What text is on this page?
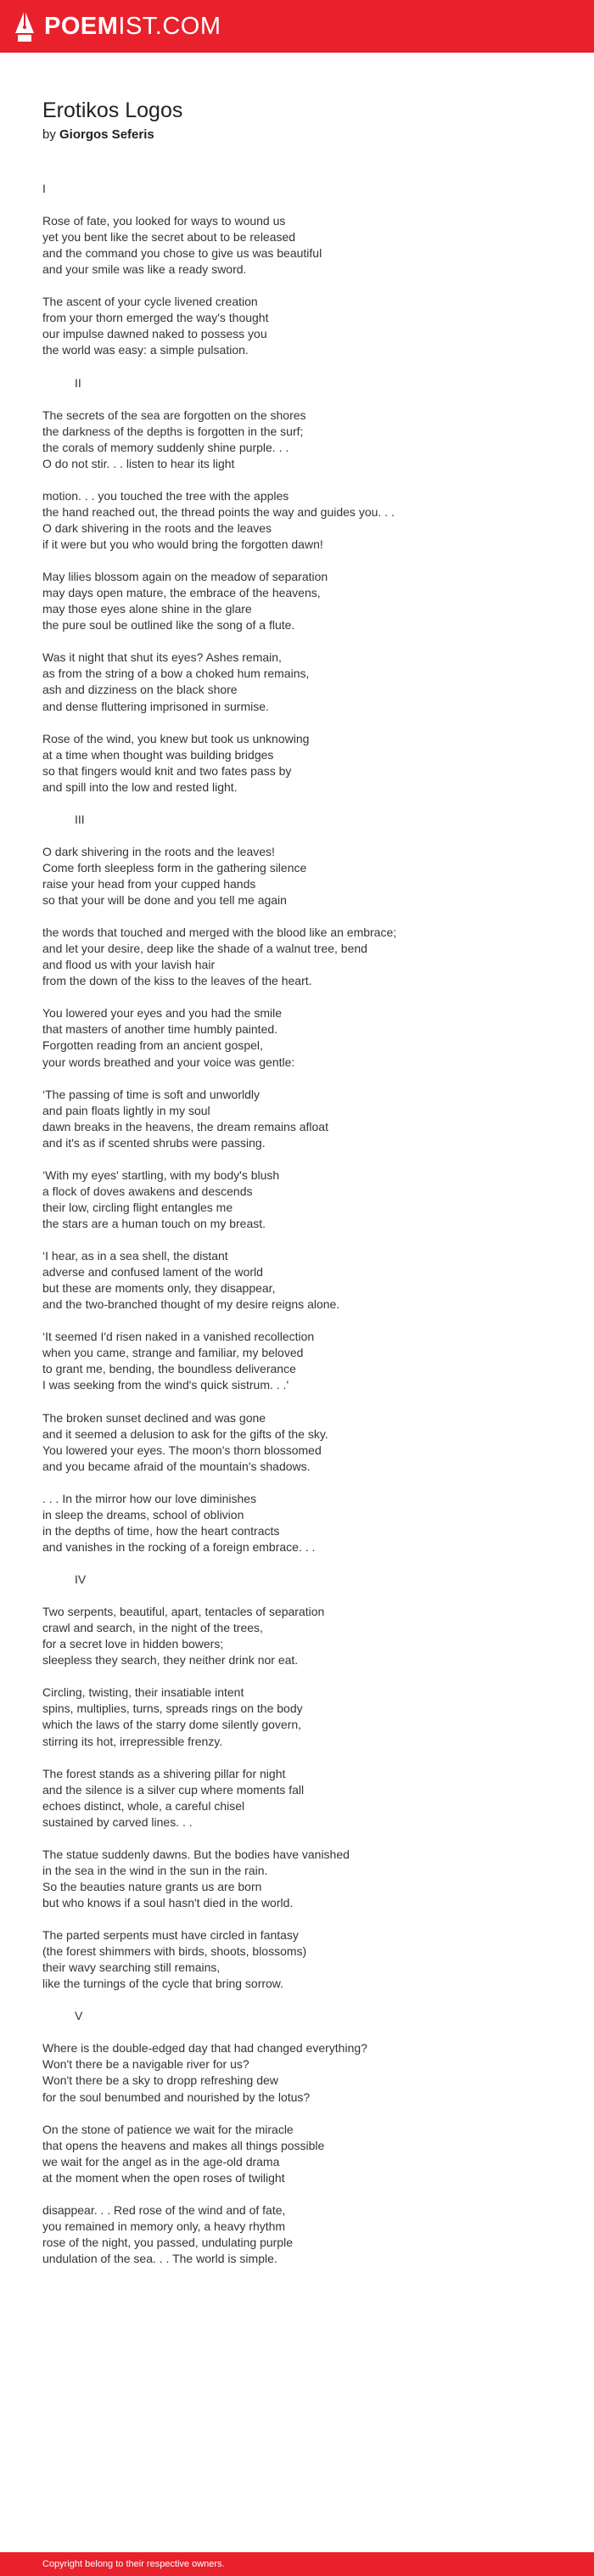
POEMIST.COM
Erotikos Logos

by Giorgos Seferis

I
Rose of fate, you looked for ways to wound us
yet you bent like the secret about to be released
and the command you chose to give us was beautiful
and your smile was like a ready sword.
The ascent of your cycle livened creation
from your thorn emerged the way's thought
our impulse dawned naked to possess you
the world was easy: a simple pulsation.
II
The secrets of the sea are forgotten on the shores
the darkness of the depths is forgotten in the surf;
the corals of memory suddenly shine purple. . .
O do not stir. . . listen to hear its light
motion. . . you touched the tree with the apples
the hand reached out, the thread points the way and guides you. . .
O dark shivering in the roots and the leaves
if it were but you who would bring the forgotten dawn!
May lilies blossom again on the meadow of separation
may days open mature, the embrace of the heavens,
may those eyes alone shine in the glare
the pure soul be outlined like the song of a flute.
Was it night that shut its eyes? Ashes remain,
as from the string of a bow a choked hum remains,
ash and dizziness on the black shore
and dense fluttering imprisoned in surmise.
Rose of the wind, you knew but took us unknowing
at a time when thought was building bridges
so that fingers would knit and two fates pass by
and spill into the low and rested light.
III
O dark shivering in the roots and the leaves!
Come forth sleepless form in the gathering silence
raise your head from your cupped hands
so that your will be done and you tell me again
the words that touched and merged with the blood like an embrace;
and let your desire, deep like the shade of a walnut tree, bend
and flood us with your lavish hair
from the down of the kiss to the leaves of the heart.
You lowered your eyes and you had the smile
that masters of another time humbly painted.
Forgotten reading from an ancient gospel,
your words breathed and your voice was gentle:
‘The passing of time is soft and unworldly
and pain floats lightly in my soul
dawn breaks in the heavens, the dream remains afloat
and it's as if scented shrubs were passing.
‘With my eyes' startling, with my body's blush
a flock of doves awakens and descends
their low, circling flight entangles me
the stars are a human touch on my breast.
‘I hear, as in a sea shell, the distant
adverse and confused lament of the world
but these are moments only, they disappear,
and the two-branched thought of my desire reigns alone.
‘It seemed I'd risen naked in a vanished recollection
when you came, strange and familiar, my beloved
to grant me, bending, the boundless deliverance
I was seeking from the wind's quick sistrum. . .'
The broken sunset declined and was gone
and it seemed a delusion to ask for the gifts of the sky.
You lowered your eyes. The moon's thorn blossomed
and you became afraid of the mountain's shadows.
. . . In the mirror how our love diminishes
in sleep the dreams, school of oblivion
in the depths of time, how the heart contracts
and vanishes in the rocking of a foreign embrace. . .
IV
Two serpents, beautiful, apart, tentacles of separation
crawl and search, in the night of the trees,
for a secret love in hidden bowers;
sleepless they search, they neither drink nor eat.
Circling, twisting, their insatiable intent
spins, multiplies, turns, spreads rings on the body
which the laws of the starry dome silently govern,
stirring its hot, irrepressible frenzy.
The forest stands as a shivering pillar for night
and the silence is a silver cup where moments fall
echoes distinct, whole, a careful chisel
sustained by carved lines. . .
The statue suddenly dawns. But the bodies have vanished
in the sea in the wind in the sun in the rain.
So the beauties nature grants us are born
but who knows if a soul hasn't died in the world.
The parted serpents must have circled in fantasy
(the forest shimmers with birds, shoots, blossoms)
their wavy searching still remains,
like the turnings of the cycle that bring sorrow.
V
Where is the double-edged day that had changed everything?
Won't there be a navigable river for us?
Won't there be a sky to dropp refreshing dew
for the soul benumbed and nourished by the lotus?
On the stone of patience we wait for the miracle
that opens the heavens and makes all things possible
we wait for the angel as in the age-old drama
at the moment when the open roses of twilight
disappear. . . Red rose of the wind and of fate,
you remained in memory only, a heavy rhythm
rose of the night, you passed, undulating purple
undulation of the sea. . . The world is simple.
Copyright belong to their respective owners.
